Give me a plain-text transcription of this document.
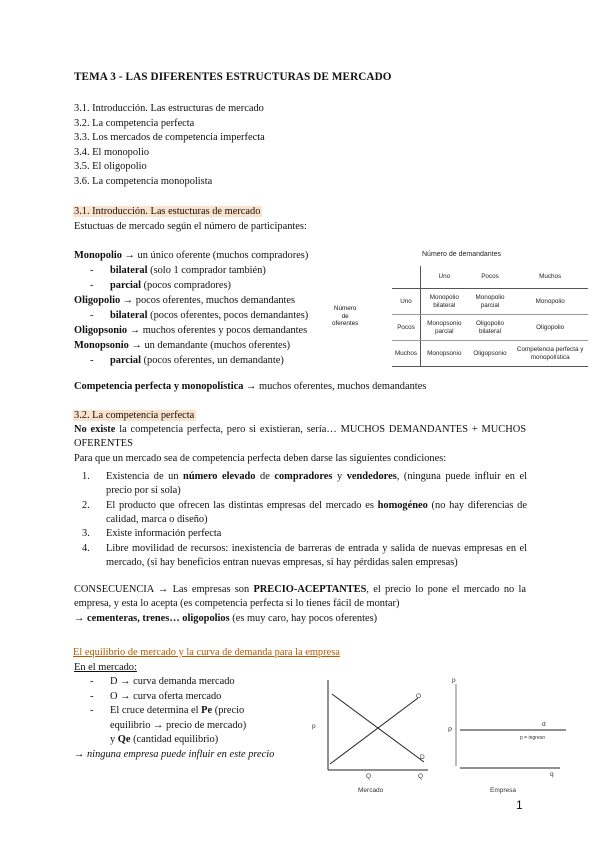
TEMA 3 - LAS DIFERENTES ESTRUCTURAS DE MERCADO
3.1. Introducción. Las estructuras de mercado
3.2. La competencia perfecta
3.3. Los mercados de competencia imperfecta
3.4. El monopolio
3.5. El oligopolio
3.6. La competencia monopolista
3.1. Introducción. Las estucturas de mercado
Estuctuas de mercado según el número de participantes:
Monopolio → un único oferente (muchos compradores)
- bilateral (solo 1 comprador también)
- parcial (pocos compradores)
Oligopolio → pocos oferentes, muchos demandantes
- bilateral (pocos oferentes, pocos demandantes)
Oligopsonio → muchos oferentes y pocos demandantes
Monopsonio → un demandante (muchos oferentes)
- parcial (pocos oferentes, un demandante)
Número
de
oferentes
Número de demandantes
	Uno	Pocos	Muchos
Uno	Monopolio bilateral	Monopolio parcial	Monopolio
Pocos	Monopsonio parcial	Oligopolio bilateral	Oligopolio
Muchos	Monopsonio	Oligopsonio	Competencia perfecta y monopolística
Competencia perfecta y monopolística → muchos oferentes, muchos demandantes
3.2. La competencia perfecta
No existe la competencia perfecta, pero si existieran, sería… MUCHOS DEMANDANTES + MUCHOS OFERENTES
Para que un mercado sea de competencia perfecta deben darse las siguientes condiciones:
1.	Existencia de un número elevado de compradores y vendedores, (ninguna puede influir en el precio por si sola)
2.	El producto que ofrecen las distintas empresas del mercado es homogéneo (no hay diferencias de calidad, marca o diseño)
3.	Existe información perfecta
4.	Libre movilidad de recursos: inexistencia de barreras de entrada y salida de nuevas empresas en el mercado, (si hay beneficios entran nuevas empresas, si hay pérdidas salen empresas)
CONSECUENCIA → Las empresas son PRECIO-ACEPTANTES, el precio lo pone el mercado no la empresa, y esta lo acepta (es competencia perfecta si lo tienes fácil de montar)
→ cementeras, trenes… oligopolios (es muy caro, hay pocos oferentes)
El equilibrio de mercado y la curva de demanda para la empresa
En el mercado:
- D → curva demanda mercado
- O → curva oferta mercado
- El cruce determina el Pe (precio
equilibrio → precio de mercado)
y Qe (cantidad equilibrio)
→ ninguna empresa puede influir en este precio
p
O
D
Q	Q
Mercado
p
P
d
p = ingreso
q
Empresa
1
